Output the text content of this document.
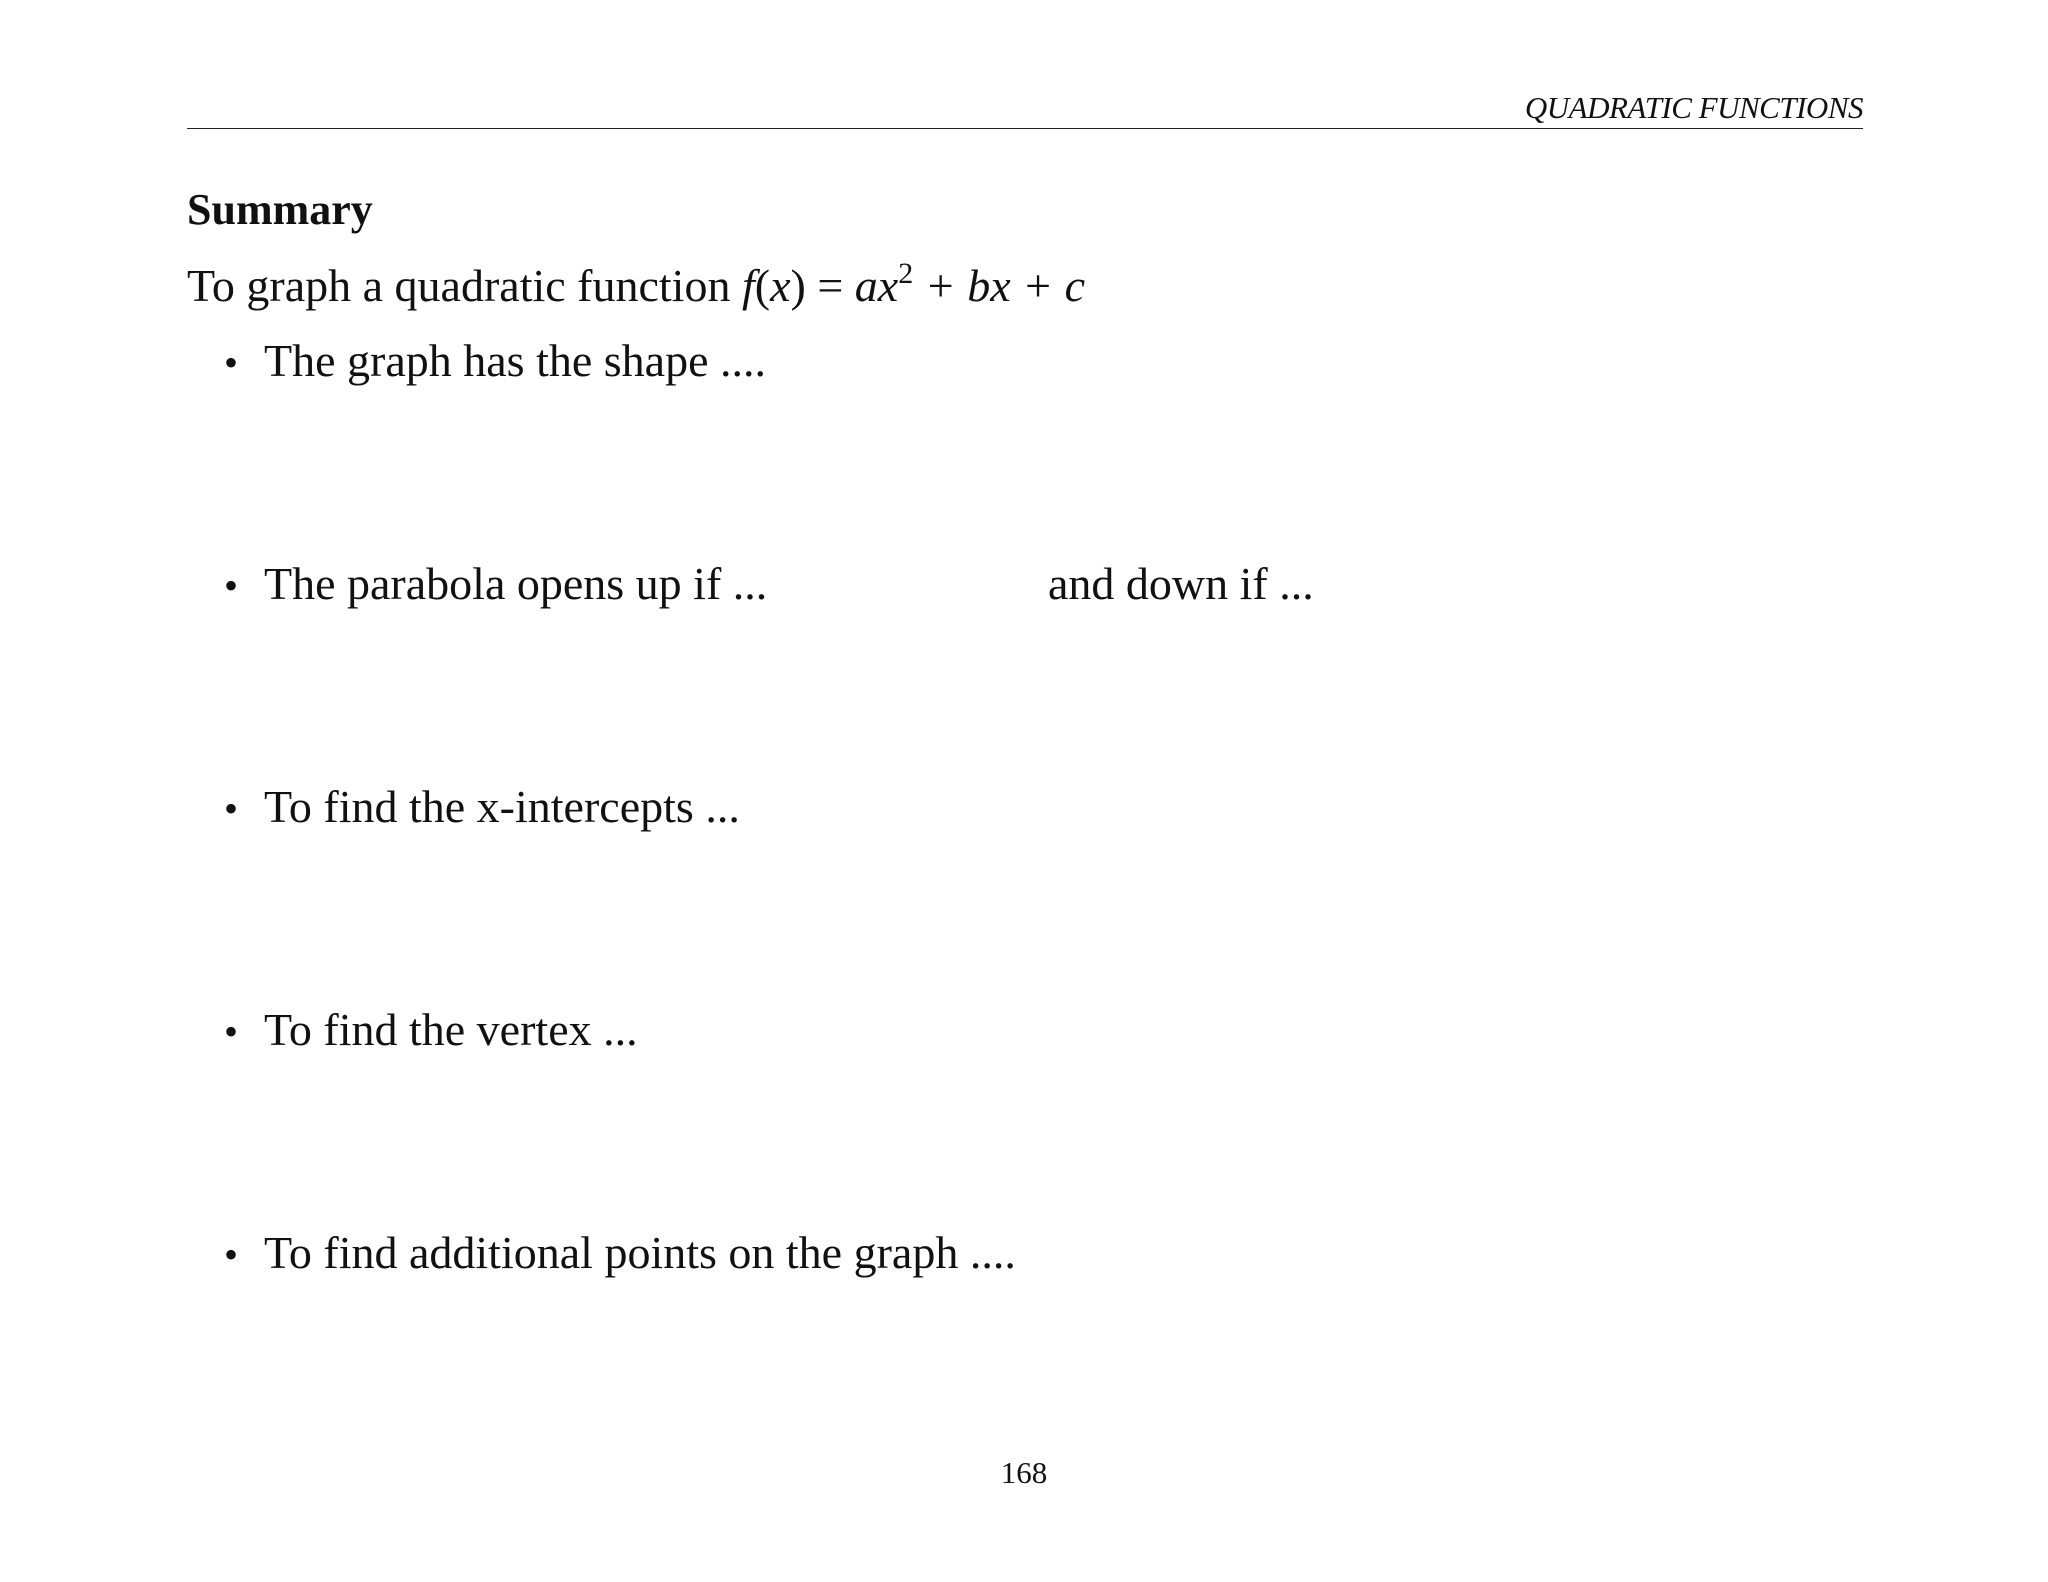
QUADRATIC FUNCTIONS
Summary
To graph a quadratic function $f(x) = ax^2$ + bx + c
• The graph has the shape ....
• The parabola opens up if ...	and down if ...
• To find the x-intercepts ...
• To find the vertex ...
• To find additional points on the graph ....
168
